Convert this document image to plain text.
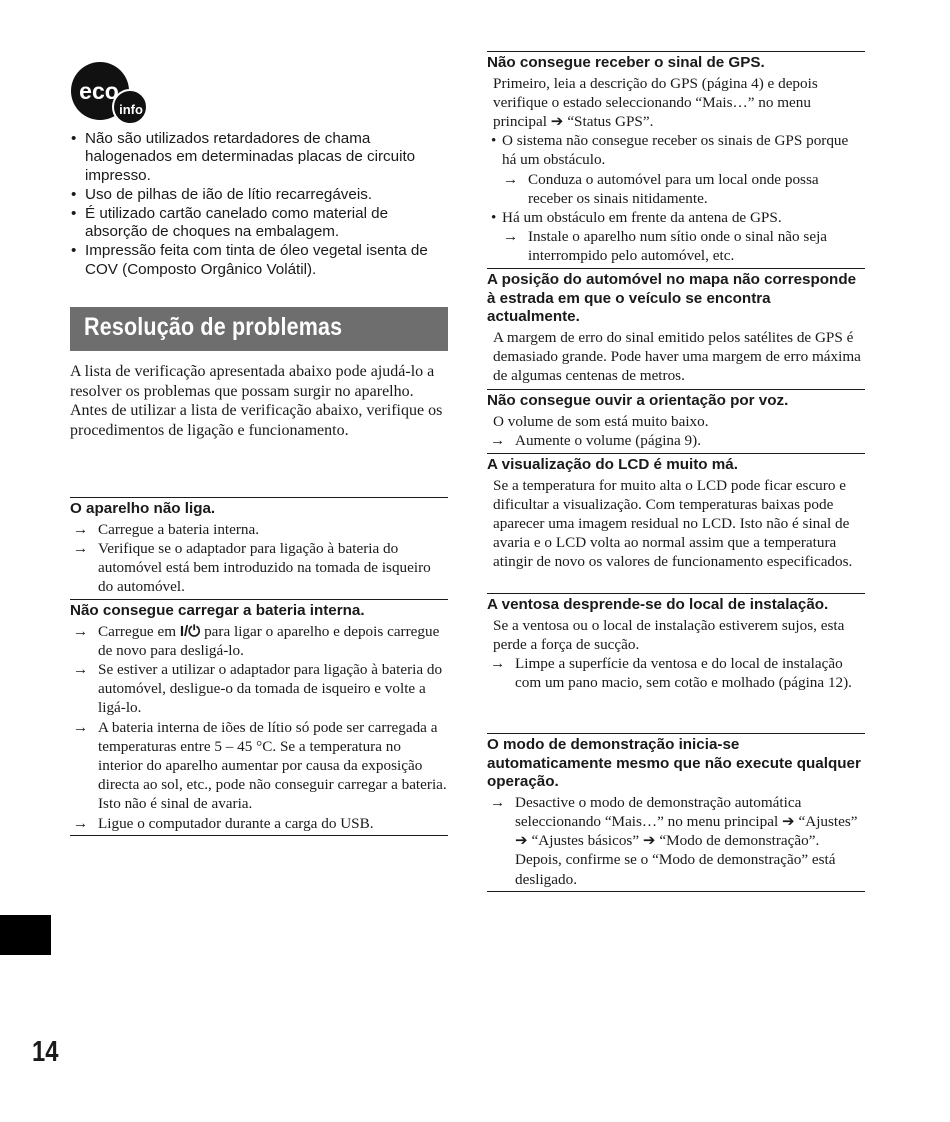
eco
info
• Não são utilizados retardadores de chama halogenados em determinadas placas de circuito impresso.
• Uso de pilhas de ião de lítio recarregáveis.
• É utilizado cartão canelado como material de absorção de choques na embalagem.
• Impressão feita com tinta de óleo vegetal isenta de COV (Composto Orgânico Volátil).
Resolução de problemas

A lista de verificação apresentada abaixo pode ajudá-lo a resolver os problemas que possam surgir no aparelho.

Antes de utilizar a lista de verificação abaixo, verifique os procedimentos de ligação e funcionamento.

O aparelho não liga.
→ Carregue a bateria interna.
→ Verifique se o adaptador para ligação à bateria do automóvel está bem introduzido na tomada de isqueiro do automóvel.
Não consegue carregar a bateria interna.
→ Carregue em I/⏻ para ligar o aparelho e depois carregue de novo para desligá-lo.
→ Se estiver a utilizar o adaptador para ligação à bateria do automóvel, desligue-o da tomada de isqueiro e volte a ligá-lo.
→ A bateria interna de iões de lítio só pode ser carregada a temperaturas entre 5 – 45 °C. Se a temperatura no interior do aparelho aumentar por causa da exposição directa ao sol, etc., pode não conseguir carregar a bateria. Isto não é sinal de avaria.
→ Ligue o computador durante a carga do USB.
Não consegue receber o sinal de GPS.

Primeiro, leia a descrição do GPS (página 4) e depois verifique o estado seleccionando “Mais…” no menu principal ➔ “Status GPS”.

• O sistema não consegue receber os sinais de GPS porque há um obstáculo.
→ Conduza o automóvel para um local onde possa receber os sinais nitidamente.
• Há um obstáculo em frente da antena de GPS.
→ Instale o aparelho num sítio onde o sinal não seja interrompido pelo automóvel, etc.
A posição do automóvel no mapa não corresponde à estrada em que o veículo se encontra actualmente.

A margem de erro do sinal emitido pelos satélites de GPS é demasiado grande. Pode haver uma margem de erro máxima de algumas centenas de metros.

Não consegue ouvir a orientação por voz.

O volume de som está muito baixo.

→ Aumente o volume (página 9).
A visualização do LCD é muito má.

Se a temperatura for muito alta o LCD pode ficar escuro e dificultar a visualização. Com temperaturas baixas pode aparecer uma imagem residual no LCD. Isto não é sinal de avaria e o LCD volta ao normal assim que a temperatura atingir de novo os valores de funcionamento especificados.

A ventosa desprende-se do local de instalação.

Se a ventosa ou o local de instalação estiverem sujos, esta perde a força de sucção.

→ Limpe a superfície da ventosa e do local de instalação com um pano macio, sem cotão e molhado (página 12).
O modo de demonstração inicia-se automaticamente mesmo que não execute qualquer operação.
→ Desactive o modo de demonstração automática seleccionando “Mais…” no menu principal ➔ “Ajustes” ➔ “Ajustes básicos” ➔ “Modo de demonstração”. Depois, confirme se o “Modo de demonstração” está desligado.
14
